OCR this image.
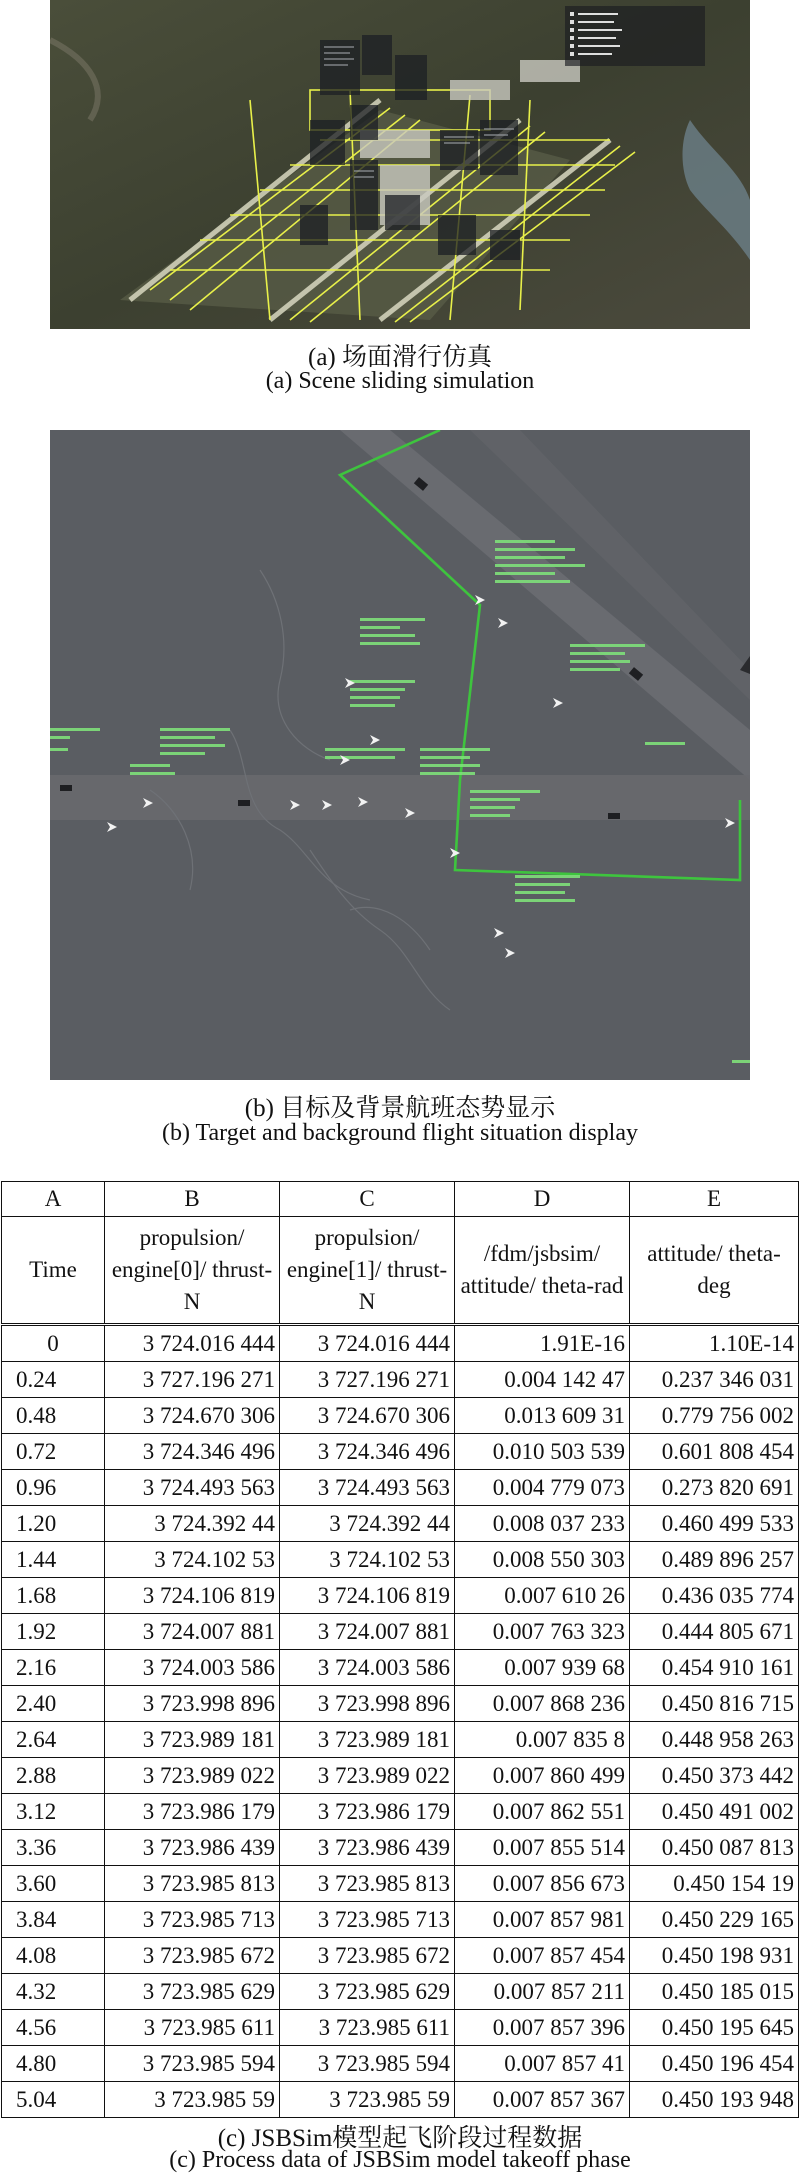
(a) 场面滑行仿真
(a) Scene sliding simulation
(b) 目标及背景航班态势显示
(b) Target and background flight situation display
A	B	C	D	E
Time	propulsion/ engine[0]/ thrust-N	propulsion/ engine[1]/ thrust-N	/fdm/jsbsim/ attitude/ theta-rad	attitude/ theta-deg
0	3 724.016 444	3 724.016 444	1.91E-16	1.10E-14
0.24	3 727.196 271	3 727.196 271	0.004 142 47	0.237 346 031
0.48	3 724.670 306	3 724.670 306	0.013 609 31	0.779 756 002
0.72	3 724.346 496	3 724.346 496	0.010 503 539	0.601 808 454
0.96	3 724.493 563	3 724.493 563	0.004 779 073	0.273 820 691
1.20	3 724.392 44	3 724.392 44	0.008 037 233	0.460 499 533
1.44	3 724.102 53	3 724.102 53	0.008 550 303	0.489 896 257
1.68	3 724.106 819	3 724.106 819	0.007 610 26	0.436 035 774
1.92	3 724.007 881	3 724.007 881	0.007 763 323	0.444 805 671
2.16	3 724.003 586	3 724.003 586	0.007 939 68	0.454 910 161
2.40	3 723.998 896	3 723.998 896	0.007 868 236	0.450 816 715
2.64	3 723.989 181	3 723.989 181	0.007 835 8	0.448 958 263
2.88	3 723.989 022	3 723.989 022	0.007 860 499	0.450 373 442
3.12	3 723.986 179	3 723.986 179	0.007 862 551	0.450 491 002
3.36	3 723.986 439	3 723.986 439	0.007 855 514	0.450 087 813
3.60	3 723.985 813	3 723.985 813	0.007 856 673	0.450 154 19
3.84	3 723.985 713	3 723.985 713	0.007 857 981	0.450 229 165
4.08	3 723.985 672	3 723.985 672	0.007 857 454	0.450 198 931
4.32	3 723.985 629	3 723.985 629	0.007 857 211	0.450 185 015
4.56	3 723.985 611	3 723.985 611	0.007 857 396	0.450 195 645
4.80	3 723.985 594	3 723.985 594	0.007 857 41	0.450 196 454
5.04	3 723.985 59	3 723.985 59	0.007 857 367	0.450 193 948
(c) JSBSim模型起飞阶段过程数据
(c) Process data of JSBSim model takeoff phase
